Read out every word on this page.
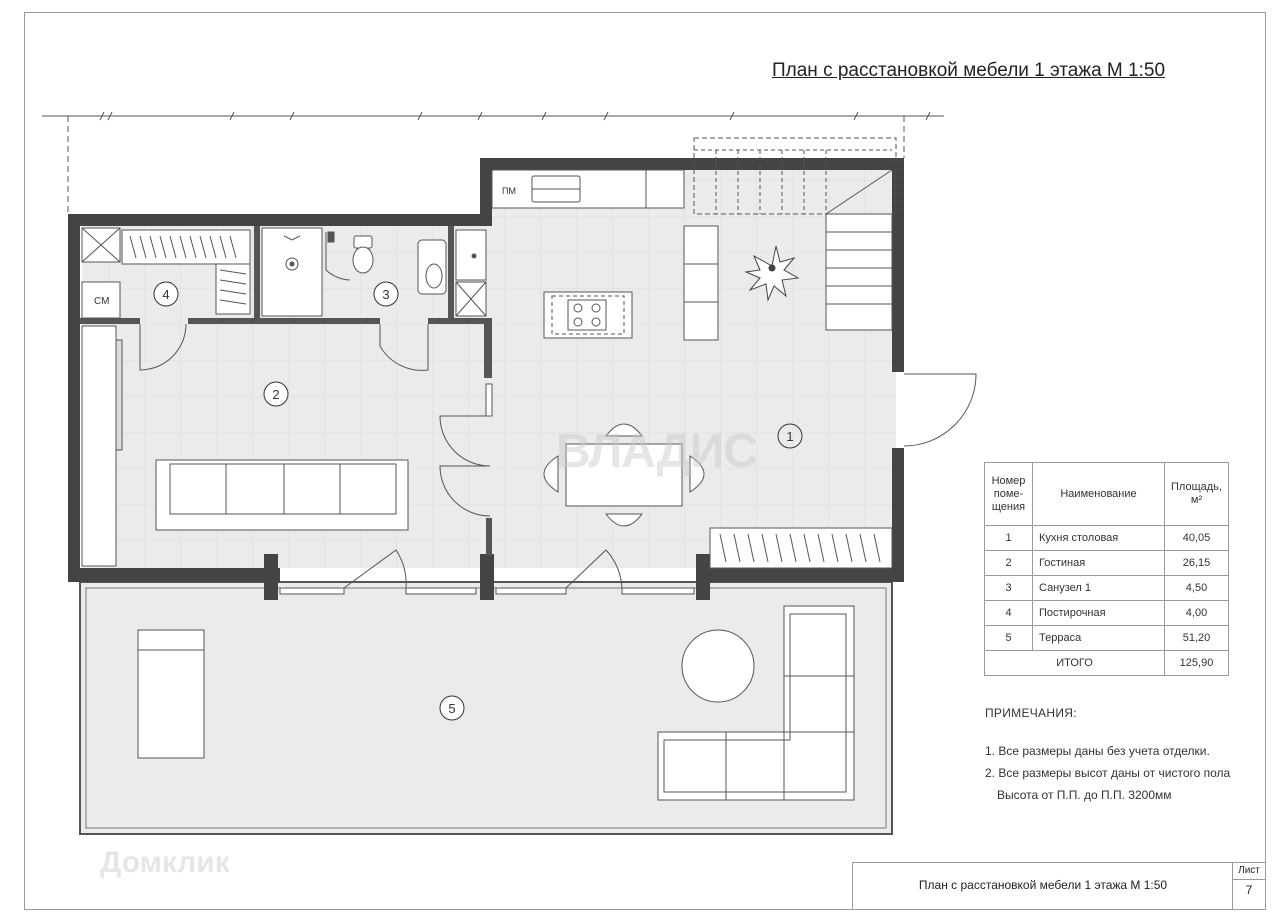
План с расстановкой мебели 1 этажа М 1:50
СМ
ПМ
1
2
3
4
5
ВЛАДИС
Домклик
Номер
поме-
щения	Наименование	Площадь, м²
1	Кухня столовая	40,05
2	Гостиная	26,15
3	Санузел 1	4,50
4	Постирочная	4,00
5	Терраса	51,20
ИТОГО		125,90
ПРИМЕЧАНИЯ:
1. Все размеры даны без учета отделки.
2. Все размеры высот даны от чистого пола
Высота от П.П. до П.П. 3200мм
План с расстановкой мебели 1 этажа М 1:50
Лист
7
